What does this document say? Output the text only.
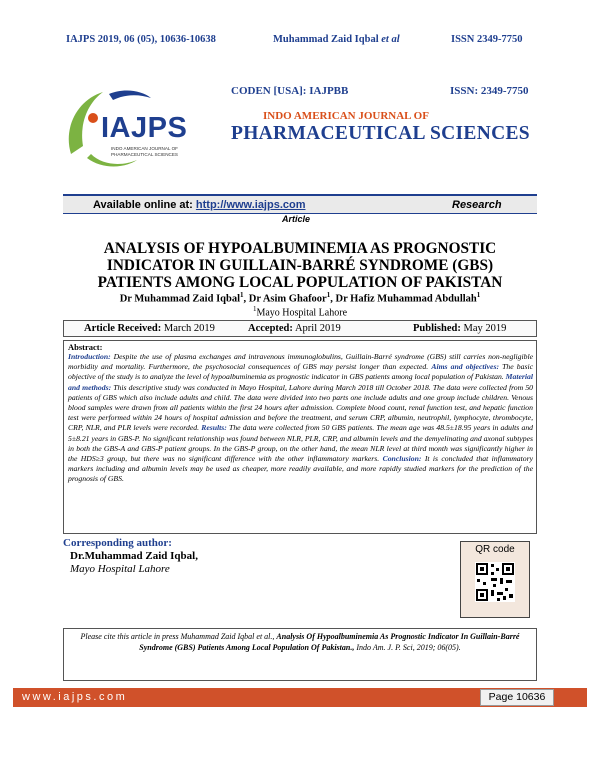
IAJPS 2019, 06 (05), 10636-10638	Muhammad Zaid Iqbal et al	ISSN 2349-7750
IAJPS
INDO AMERICAN JOURNAL OF
PHARMACEUTICAL SCIENCES
CODEN [USA]: IAJPBB	ISSN: 2349-7750
INDO AMERICAN JOURNAL OF
PHARMACEUTICAL SCIENCES
Available online at: http://www.iajps.com	Research
Article
ANALYSIS OF HYPOALBUMINEMIA AS PROGNOSTIC
INDICATOR IN GUILLAIN-BARRÉ SYNDROME (GBS)
PATIENTS AMONG LOCAL POPULATION OF PAKISTAN
Dr Muhammad Zaid Iqbal$^1$, Dr Asim Ghafoor$^1$, Dr Hafiz Muhammad Abdullah$^1$
$^1$Mayo Hospital Lahore
Article Received: March 2019	Accepted: April 2019	Published: May 2019
Abstract:
Introduction: Despite the use of plasma exchanges and intravenous immunoglobulins, Guillain-Barré syndrome (GBS) still carries non-negligible morbidity and mortality. Furthermore, the psychosocial consequences of GBS may persist longer than expected. Aims and objectives: The basic objective of the study is to analyze the level of hypoalbuminemia as prognostic indicator in GBS patients among local population of Pakistan. Material and methods: This descriptive study was conducted in Mayo Hospital, Lahore during March 2018 till October 2018. The data were collected from 50 patients of GBS which also include adults and child. The data were divided into two parts one include adults and one group include children. Venous blood samples were drawn from all patients within the first 24 hours after admission. Complete blood count, renal function test, and hepatic function test were performed within 24 hours of hospital admission and before the treatment, and serum CRP, albumin, neutrophil, lymphocyte, thrombocyte, CRP, NLR, and PLR levels were recorded. Results: The data were collected from 50 GBS patients. The mean age was 48.5±18.95 years in adults and 5±8.21 years in GBS-P. No significant relationship was found between NLR, PLR, CRP, and albumin levels and the demyelinating and axonal subtypes in both the GBS-A and GBS-P patient groups. In the GBS-P group, on the other hand, the mean NLR level at third month was significantly higher in the HDS≥3 group, but there was no significant difference with the other inflammatory markers. Conclusion: It is concluded that inflammatory markers including and albumin levels may be used as cheaper, more readily available, and more rapidly studied markers for the prediction of the prognosis of GBS.
Corresponding author:
Dr.Muhammad Zaid Iqbal,
Mayo Hospital Lahore
QR code
Please cite this article in press Muhammad Zaid Iqbal et al., Analysis Of Hypoalbuminemia As Prognostic Indicator In Guillain-Barré Syndrome (GBS) Patients Among Local Population Of Pakistan., Indo Am. J. P. Sci, 2019; 06(05).
www.iajps.com	Page 10636
